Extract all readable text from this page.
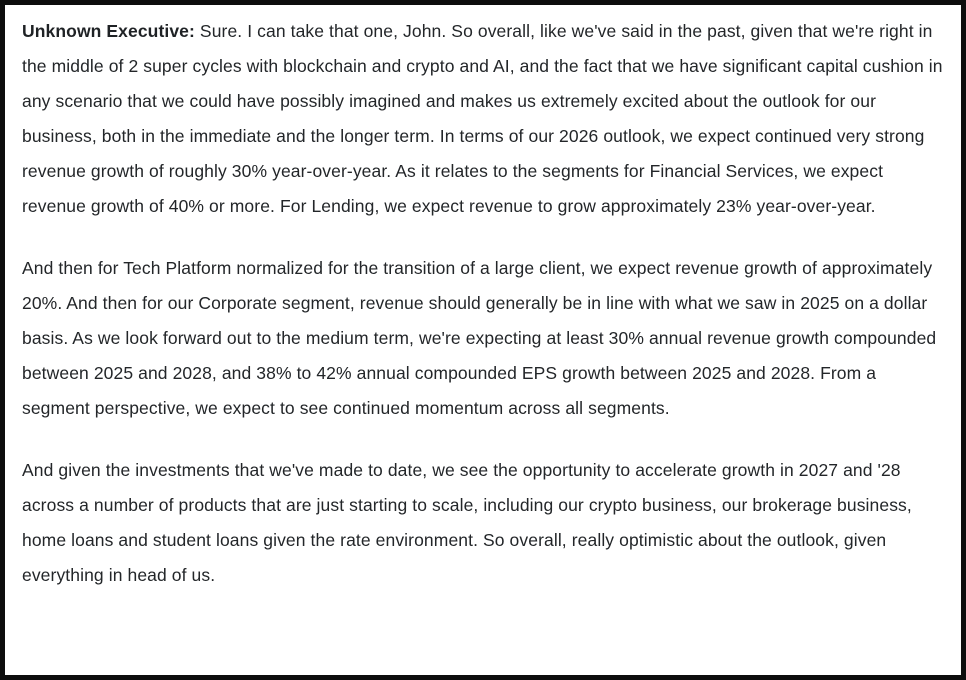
Unknown Executive: Sure. I can take that one, John. So overall, like we've said in the past, given that we're right in the middle of 2 super cycles with blockchain and crypto and AI, and the fact that we have significant capital cushion in any scenario that we could have possibly imagined and makes us extremely excited about the outlook for our business, both in the immediate and the longer term. In terms of our 2026 outlook, we expect continued very strong revenue growth of roughly 30% year-over-year. As it relates to the segments for Financial Services, we expect revenue growth of 40% or more. For Lending, we expect revenue to grow approximately 23% year-over-year.

And then for Tech Platform normalized for the transition of a large client, we expect revenue growth of approximately 20%. And then for our Corporate segment, revenue should generally be in line with what we saw in 2025 on a dollar basis. As we look forward out to the medium term, we're expecting at least 30% annual revenue growth compounded between 2025 and 2028, and 38% to 42% annual compounded EPS growth between 2025 and 2028. From a segment perspective, we expect to see continued momentum across all segments.

And given the investments that we've made to date, we see the opportunity to accelerate growth in 2027 and '28 across a number of products that are just starting to scale, including our crypto business, our brokerage business, home loans and student loans given the rate environment. So overall, really optimistic about the outlook, given everything in head of us.
